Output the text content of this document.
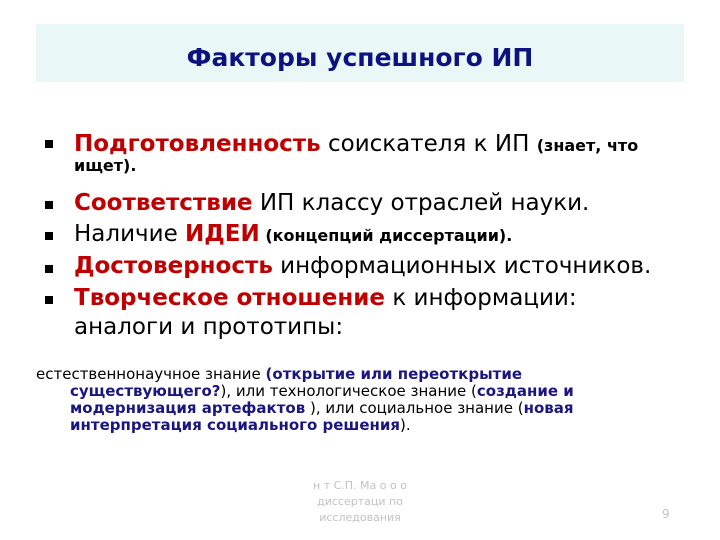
Факторы успешного ИП
Подготовленность соискателя к ИП (знает, что
ищет).
Соответствие ИП классу отраслей науки.
Наличие ИДЕИ (концепций диссертации).
Достоверность информационных источников.
Творческое отношение к информации:
аналоги и прототипы:
естественнонаучное знание (открытие или переоткрытие
существующего?), или технологическое знание (создание и
модернизация артефактов ), или социальное знание (новая
интерпретация социального решения).
н т С.П. Ма о о о
диссертаци по
исследования	9
